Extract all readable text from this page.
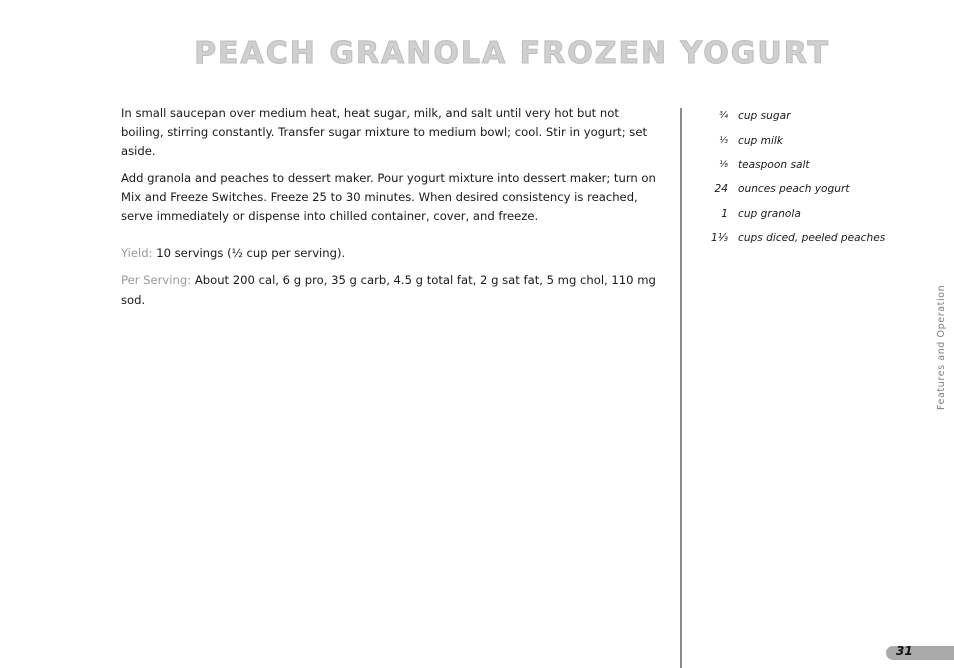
PEACH GRANOLA FROZEN YOGURT

In small saucepan over medium heat, heat sugar, milk, and salt until very hot but not boiling, stirring constantly. Transfer sugar mixture to medium bowl; cool. Stir in yogurt; set aside.

Add granola and peaches to dessert maker. Pour yogurt mixture into dessert maker; turn on Mix and Freeze Switches. Freeze 25 to 30 minutes. When desired consistency is reached, serve immediately or dispense into chilled container, cover, and freeze.

Yield: 10 servings (½ cup per serving).

Per Serving: About 200 cal, 6 g pro, 35 g carb, 4.5 g total fat, 2 g sat fat, 5 mg chol, 110 mg sod.

¾ cup sugar
⅓ cup milk
⅛ teaspoon salt
24 ounces peach yogurt
1 cup granola
1⅓ cups diced, peeled peaches
Features and Operation
31
